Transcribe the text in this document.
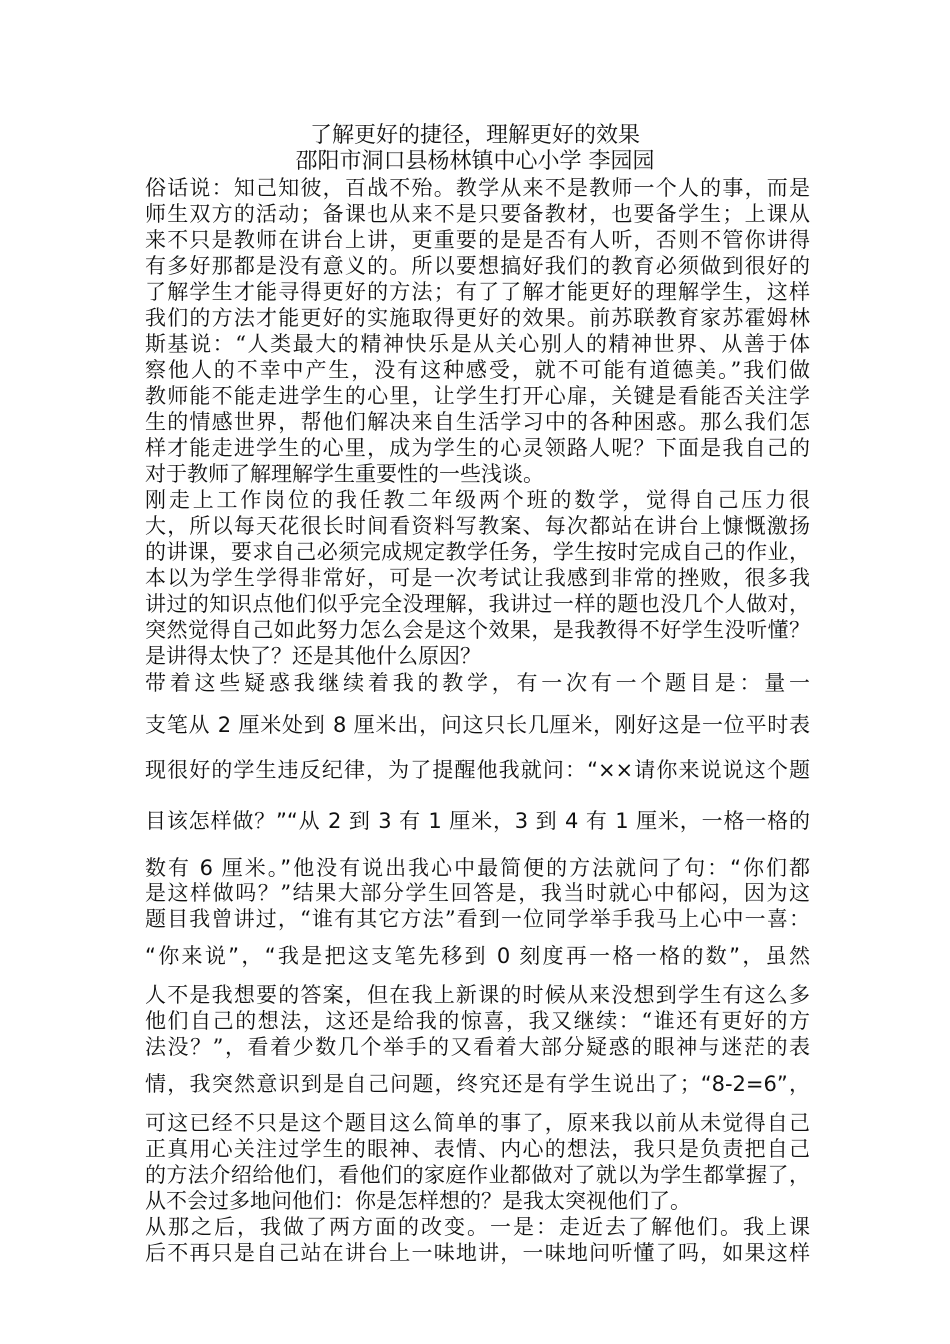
了解更好的捷径，理解更好的效果
邵阳市洞口县杨林镇中心小学 李园园
俗话说：知己知彼，百战不殆。教学从来不是教师一个人的事，而是
师生双方的活动；备课也从来不是只要备教材，也要备学生；上课从
来不只是教师在讲台上讲，更重要的是是否有人听，否则不管你讲得
有多好那都是没有意义的。所以要想搞好我们的教育必须做到很好的
了解学生才能寻得更好的方法；有了了解才能更好的理解学生，这样
我们的方法才能更好的实施取得更好的效果。前苏联教育家苏霍姆林
斯基说：“人类最大的精神快乐是从关心别人的精神世界、从善于体
察他人的不幸中产生，没有这种感受，就不可能有道德美。”我们做
教师能不能走进学生的心里，让学生打开心扉，关键是看能否关注学
生的情感世界，帮他们解决来自生活学习中的各种困惑。那么我们怎
样才能走进学生的心里，成为学生的心灵领路人呢？下面是我自己的
对于教师了解理解学生重要性的一些浅谈。
刚走上工作岗位的我任教二年级两个班的数学，觉得自己压力很
大，所以每天花很长时间看资料写教案、每次都站在讲台上慷慨激扬
的讲课，要求自己必须完成规定教学任务，学生按时完成自己的作业，
本以为学生学得非常好，可是一次考试让我感到非常的挫败，很多我
讲过的知识点他们似乎完全没理解，我讲过一样的题也没几个人做对，
突然觉得自己如此努力怎么会是这个效果，是我教得不好学生没听懂？
是讲得太快了？还是其他什么原因？
带着这些疑惑我继续着我的教学，有一次有一个题目是：量一
支笔从 2 厘米处到 8 厘米出，问这只长几厘米，刚好这是一位平时表
现很好的学生违反纪律，为了提醒他我就问：“××请你来说说这个题
目该怎样做？”“从 2 到 3 有 1 厘米，3 到 4 有 1 厘米，一格一格的
数有 6 厘米。”他没有说出我心中最简便的方法就问了句：“你们都
是这样做吗？”结果大部分学生回答是，我当时就心中郁闷，因为这
题目我曾讲过，“谁有其它方法”看到一位同学举手我马上心中一喜：
“你来说”，“我是把这支笔先移到 0 刻度再一格一格的数”，虽然
人不是我想要的答案，但在我上新课的时候从来没想到学生有这么多
他们自己的想法，这还是给我的惊喜，我又继续：“谁还有更好的方
法没？”，看着少数几个举手的又看着大部分疑惑的眼神与迷茫的表
情，我突然意识到是自己问题，终究还是有学生说出了；“8-2=6”，
可这已经不只是这个题目这么简单的事了，原来我以前从未觉得自己
正真用心关注过学生的眼神、表情、内心的想法，我只是负责把自己
的方法介绍给他们，看他们的家庭作业都做对了就以为学生都掌握了，
从不会过多地问他们：你是怎样想的？是我太突视他们了。
从那之后，我做了两方面的改变。一是：走近去了解他们。我上课
后不再只是自己站在讲台上一味地讲，一味地问听懂了吗，如果这样
